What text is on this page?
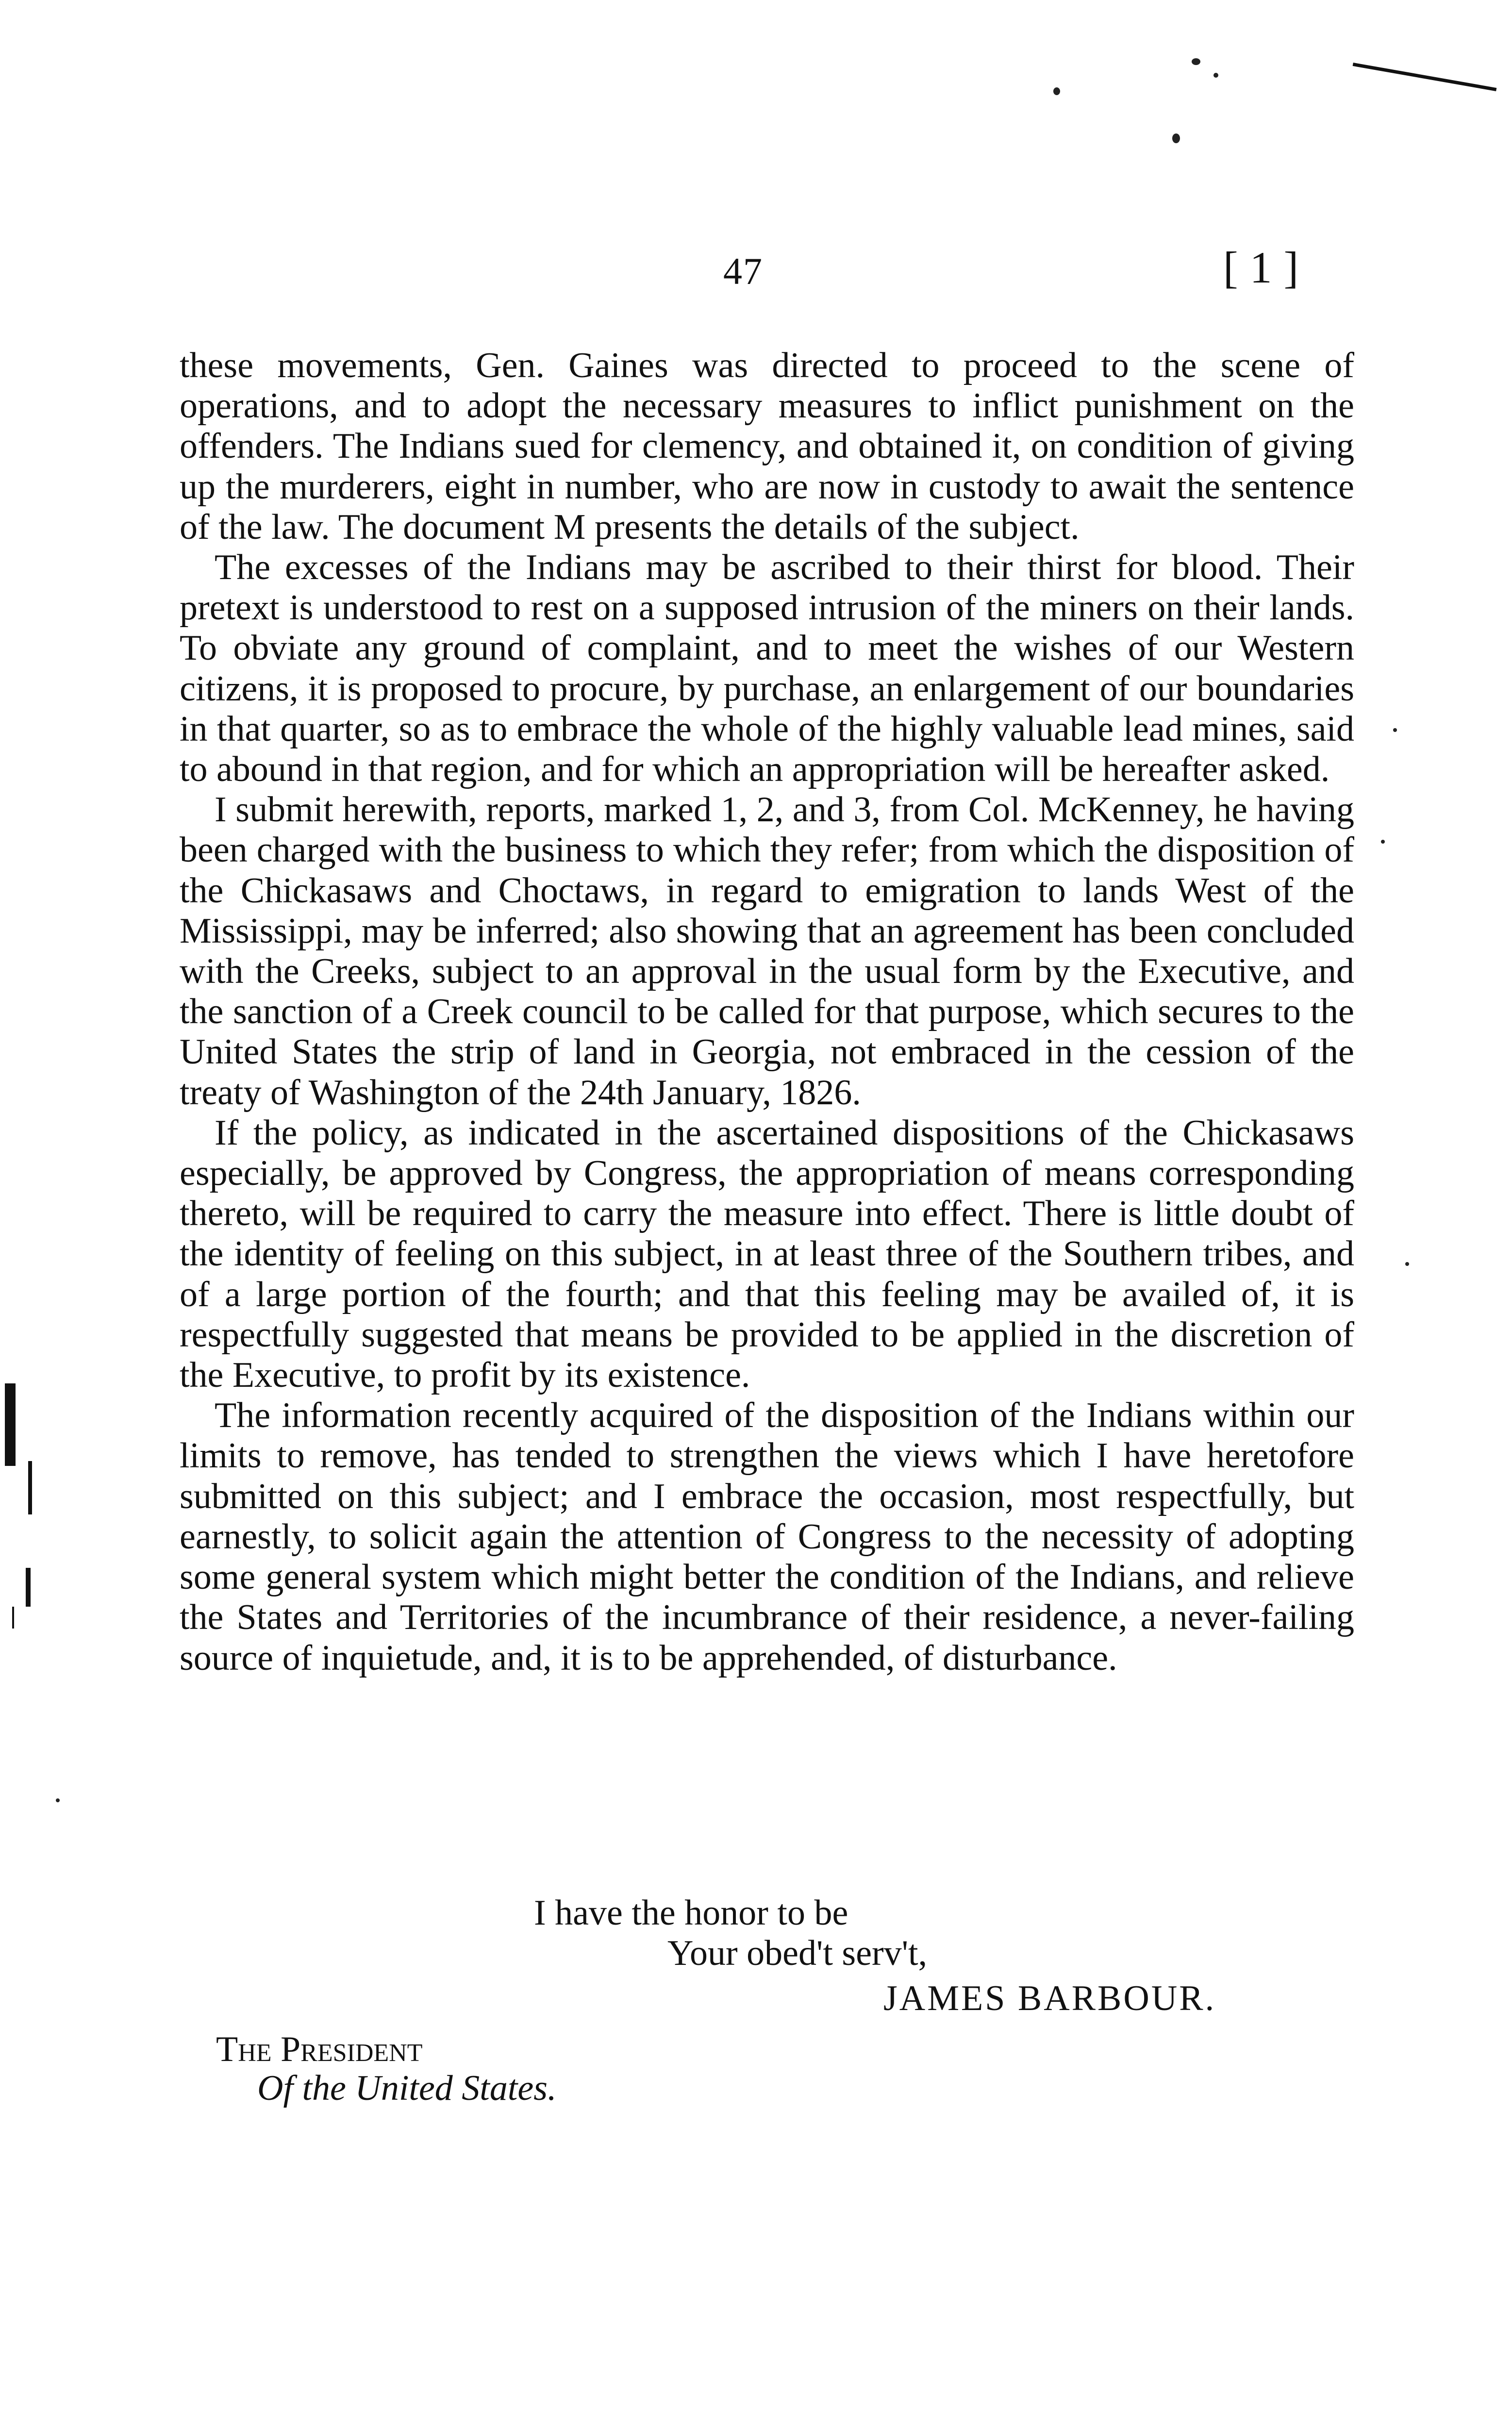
47	[1]

these movements, Gen. Gaines was directed to proceed to the scene of operations, and to adopt the necessary measures to inflict punishment on the offenders. The Indians sued for clemency, and obtained it, on condition of giving up the murderers, eight in number, who are now in custody to await the sentence of the law. The document M presents the details of the subject.

The excesses of the Indians may be ascribed to their thirst for blood. Their pretext is understood to rest on a supposed intrusion of the miners on their lands. To obviate any ground of complaint, and to meet the wishes of our Western citizens, it is proposed to procure, by purchase, an enlargement of our boundaries in that quarter, so as to embrace the whole of the highly valuable lead mines, said to abound in that region, and for which an appropriation will be hereafter asked.

I submit herewith, reports, marked 1, 2, and 3, from Col. McKenney, he having been charged with the business to which they refer; from which the disposition of the Chickasaws and Choctaws, in regard to emigration to lands West of the Mississippi, may be inferred; also showing that an agreement has been concluded with the Creeks, subject to an approval in the usual form by the Executive, and the sanction of a Creek council to be called for that purpose, which secures to the United States the strip of land in Georgia, not embraced in the cession of the treaty of Washington of the 24th January, 1826.

If the policy, as indicated in the ascertained dispositions of the Chickasaws especially, be approved by Congress, the appropriation of means corresponding thereto, will be required to carry the measure into effect. There is little doubt of the identity of feeling on this subject, in at least three of the Southern tribes, and of a large portion of the fourth; and that this feeling may be availed of, it is respectfully suggested that means be provided to be applied in the discretion of the Executive, to profit by its existence.

The information recently acquired of the disposition of the Indians within our limits to remove, has tended to strengthen the views which I have heretofore submitted on this subject; and I embrace the occasion, most respectfully, but earnestly, to solicit again the attention of Congress to the necessity of adopting some general system which might better the condition of the Indians, and relieve the States and Territories of the incumbrance of their residence, a never-failing source of inquietude, and, it is to be apprehended, of disturbance.

I have the honor to be
Your obed't serv't,
JAMES BARBOUR.
The President
Of the United States.
